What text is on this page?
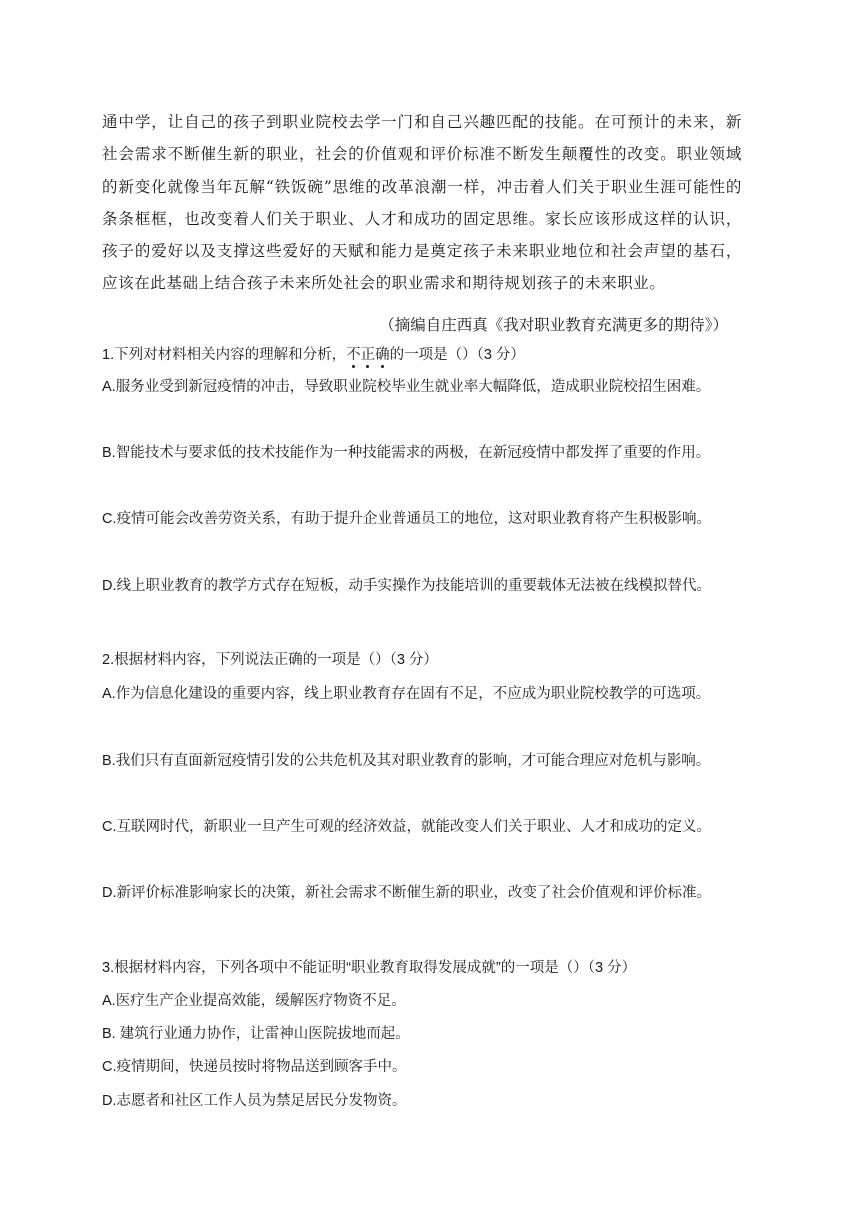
通中学，让自己的孩子到职业院校去学一门和自己兴趣匹配的技能。在可预计的未来，新社会需求不断催生新的职业，社会的价值观和评价标准不断发生颠覆性的改变。职业领域的新变化就像当年瓦解“铁饭碗”思维的改革浪潮一样，冲击着人们关于职业生涯可能性的条条框框，也改变着人们关于职业、人才和成功的固定思维。家长应该形成这样的认识，孩子的爱好以及支撑这些爱好的天赋和能力是奠定孩子未来职业地位和社会声望的基石，应该在此基础上结合孩子未来所处社会的职业需求和期待规划孩子的未来职业。

（摘编自庄西真《我对职业教育充满更多的期待》）

1.下列对材料相关内容的理解和分析，不正确的一项是（）（3 分）

A.服务业受到新冠疫情的冲击，导致职业院校毕业生就业率大幅降低，造成职业院校招生困难。

B.智能技术与要求低的技术技能作为一种技能需求的两极，在新冠疫情中都发挥了重要的作用。

C.疫情可能会改善劳资关系，有助于提升企业普通员工的地位，这对职业教育将产生积极影响。

D.线上职业教育的教学方式存在短板，动手实操作为技能培训的重要载体无法被在线模拟替代。

2.根据材料内容，下列说法正确的一项是（）（3 分）

A.作为信息化建设的重要内容，线上职业教育存在固有不足，不应成为职业院校教学的可选项。

B.我们只有直面新冠疫情引发的公共危机及其对职业教育的影响，才可能合理应对危机与影响。

C.互联网时代，新职业一旦产生可观的经济效益，就能改变人们关于职业、人才和成功的定义。

D.新评价标准影响家长的决策，新社会需求不断催生新的职业，改变了社会价值观和评价标准。

3.根据材料内容，下列各项中不能证明“职业教育取得发展成就”的一项是（）（3 分）

A.医疗生产企业提高效能，缓解医疗物资不足。

B. 建筑行业通力协作，让雷神山医院拔地而起。

C.疫情期间，快递员按时将物品送到顾客手中。

D.志愿者和社区工作人员为禁足居民分发物资。
